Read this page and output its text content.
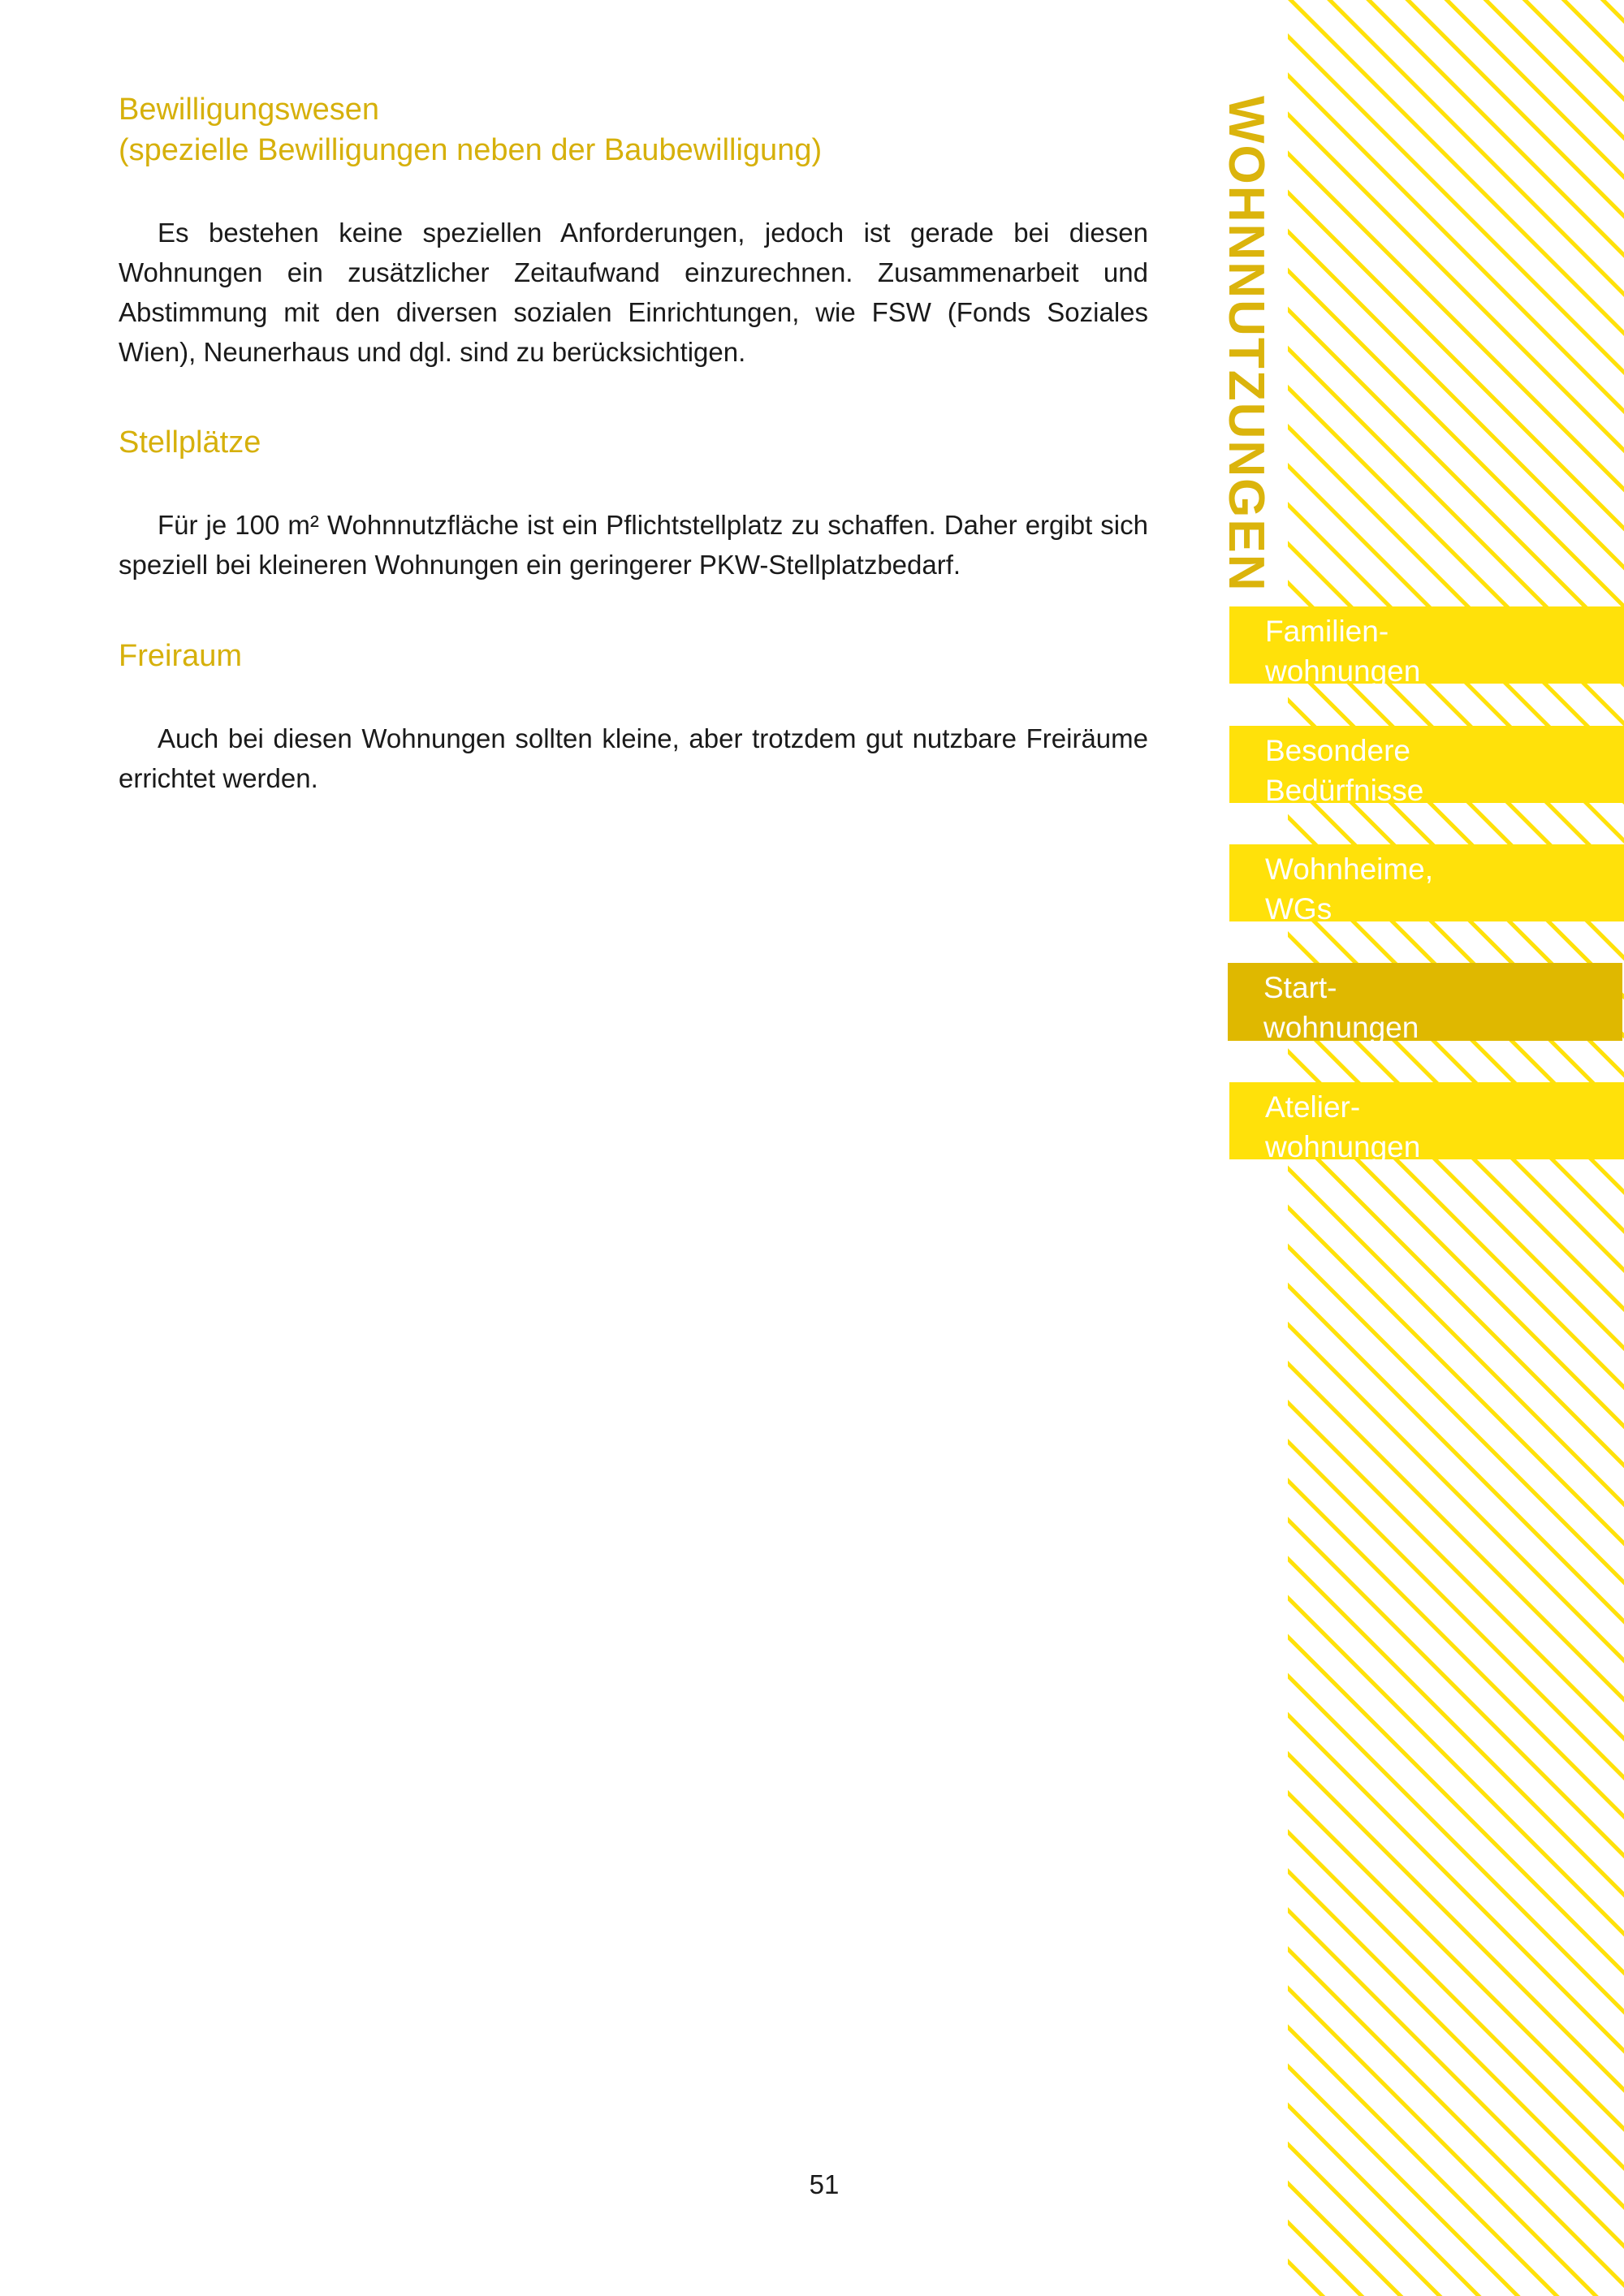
Bewilligungswesen
(spezielle Bewilligungen neben der Baubewilligung)

Es bestehen keine speziellen Anforderungen, jedoch ist gerade bei diesen Wohnungen ein zusätzlicher Zeitaufwand einzurechnen. Zusammenarbeit und Abstimmung mit den diversen sozialen Einrichtungen, wie FSW (Fonds Soziales Wien), Neunerhaus und dgl. sind zu berücksichtigen.

Stellplätze

Für je 100 m² Wohnnutzfläche ist ein Pflichtstellplatz zu schaffen. Daher ergibt sich speziell bei kleineren Wohnungen ein geringerer PKW-Stellplatzbedarf.

Freiraum

Auch bei diesen Wohnungen sollten kleine, aber trotzdem gut nutzbare Freiräume errichtet werden.

51
WOHNNUTZUNGEN
Familien-
wohnungen
Besondere
Bedürfnisse
Wohnheime,
WGs
Start-
wohnungen
Atelier-
wohnungen
